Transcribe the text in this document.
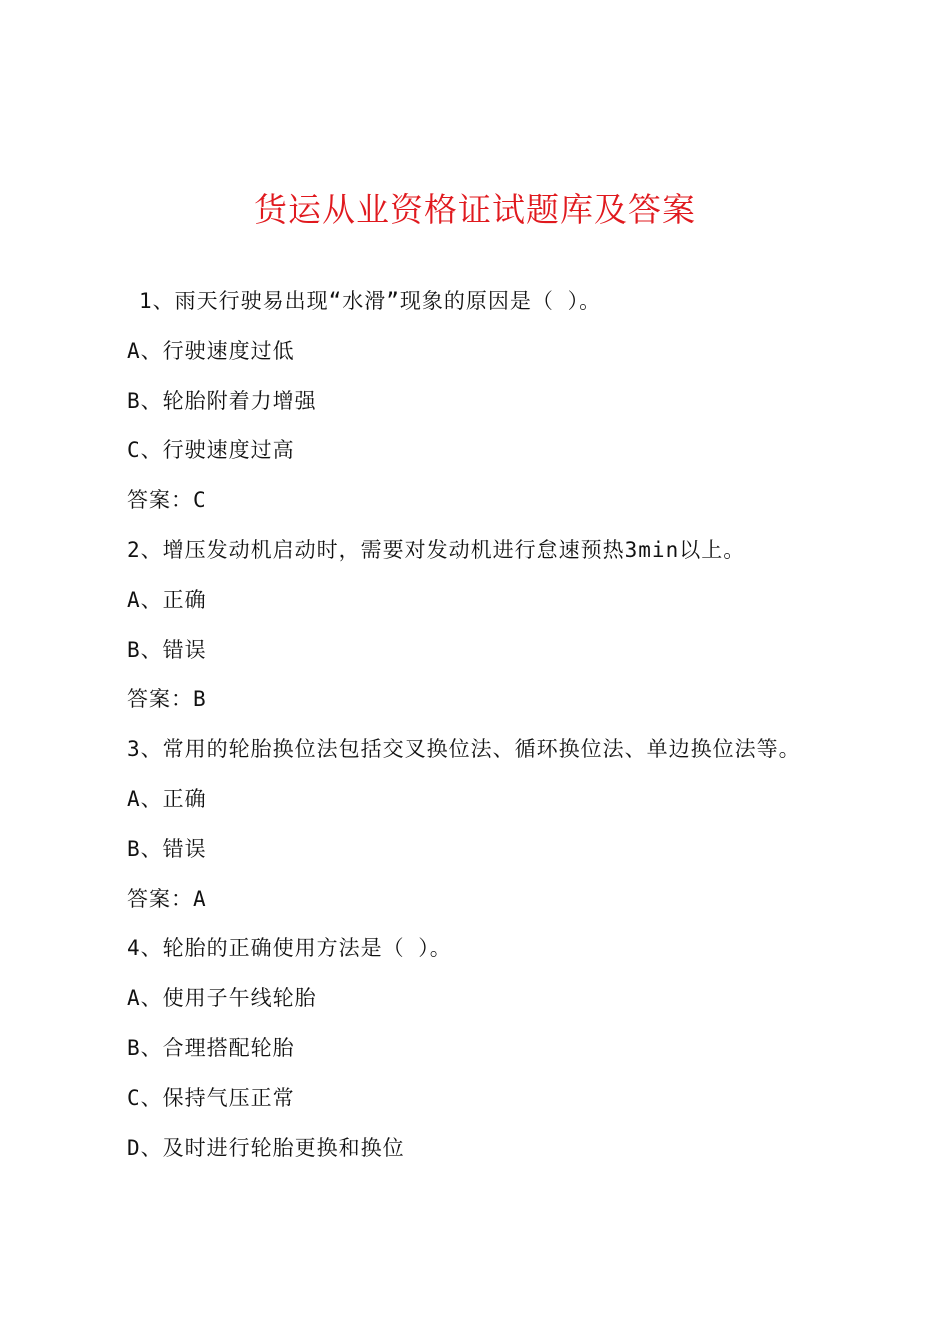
货运从业资格证试题库及答案
1、雨天行驶易出现“水滑”现象的原因是（ ）。
A、行驶速度过低
B、轮胎附着力增强
C、行驶速度过高
答案：C
2、增压发动机启动时，需要对发动机进行怠速预热3min以上。
A、正确
B、错误
答案：B
3、常用的轮胎换位法包括交叉换位法、循环换位法、单边换位法等。
A、正确
B、错误
答案：A
4、轮胎的正确使用方法是（ ）。
A、使用子午线轮胎
B、合理搭配轮胎
C、保持气压正常
D、及时进行轮胎更换和换位
